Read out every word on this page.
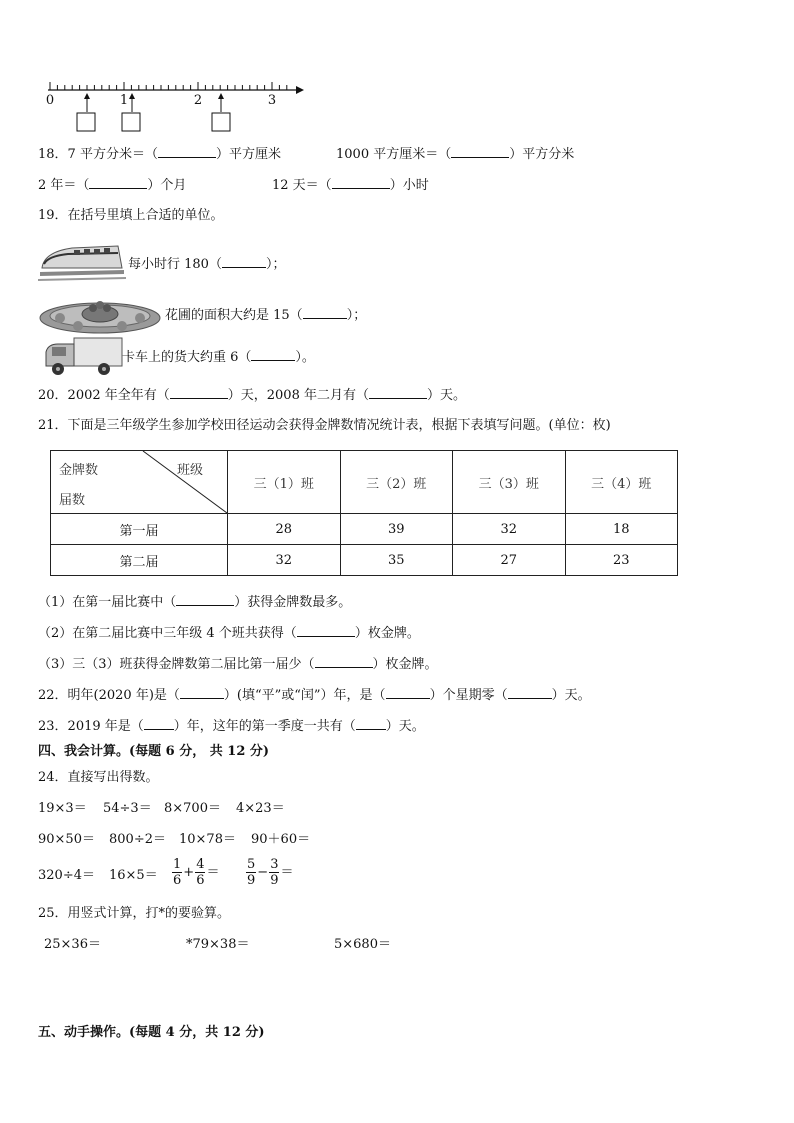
0	1	2	3
18．7 平方分米＝（	）平方厘米	1000 平方厘米＝（	）平方分米
2 年＝（	）个月	12 天＝（	）小时
19．在括号里填上合适的单位。
每小时行 180（	）；
花圃的面积大约是 15（	）；
卡车上的货大约重 6（	）。
20．2002 年全年有（	）天，2008 年二月有（	）天。
21．下面是三年级学生参加学校田径运动会获得金牌数情况统计表，根据下表填写问题。(单位：枚)
金牌数 班级
届数	三（1）班	三（2）班	三（3）班	三（4）班
第一届	28	39	32	18
第二届	32	35	27	23
（1）在第一届比赛中（	）获得金牌数最多。
（2）在第二届比赛中三年级 4 个班共获得（	）枚金牌。
（3）三（3）班获得金牌数第二届比第一届少（	）枚金牌。
22．明年(2020 年)是（	）(填“平”或“闰”）年，是（	）个星期零（	）天。
23．2019 年是（ ）年，这年的第一季度一共有（ ）天。
四、我会计算。(每题 6 分， 共 12 分)
24．直接写出得数。
19×3＝ 54÷3＝ 8×700＝ 4×23＝
90×50＝ 800÷2＝ 10×78＝ 90＋60＝
$320\div 4= 16\times 5= \frac{1}{6} + \frac{4}{6} = \frac{5}{9} - \frac{3}{9}$ ＝
25．用竖式计算，打*的要验算。
25×36＝	*79×38＝	5×680＝
五、动手操作。(每题 4 分，共 12 分)
